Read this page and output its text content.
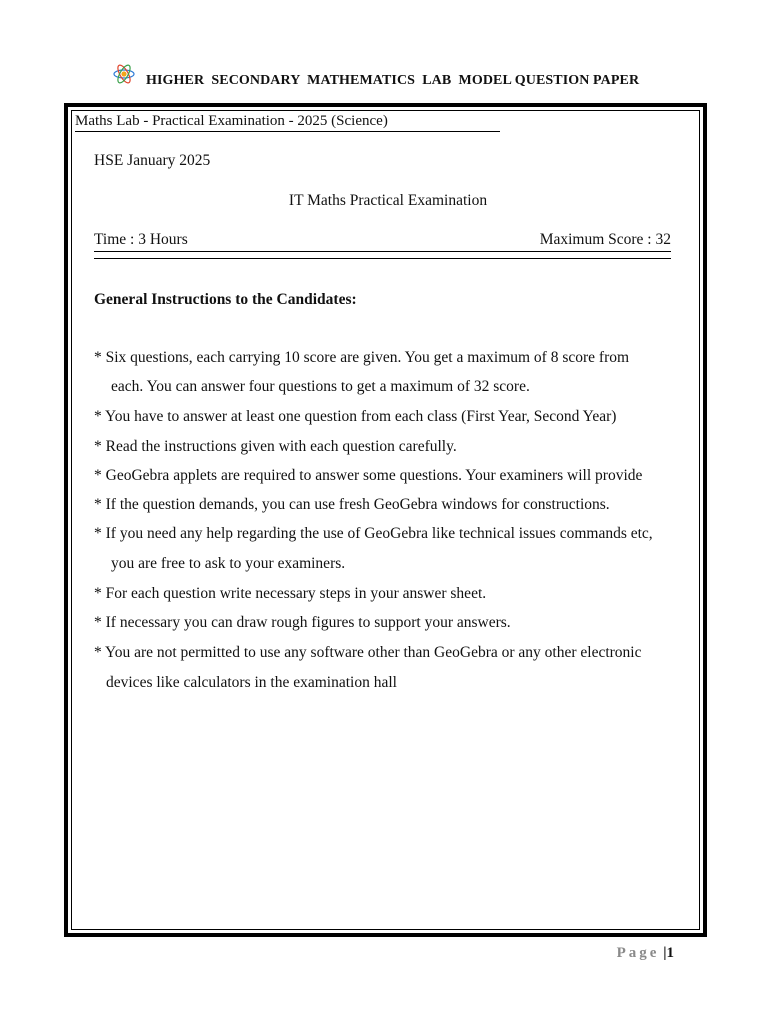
HIGHER  SECONDARY  MATHEMATICS  LAB  MODEL QUESTION PAPER
Maths Lab - Practical Examination - 2025 (Science)
HSE January 2025
IT Maths Practical Examination
Time : 3 Hours	Maximum Score : 32
General Instructions to the Candidates:
* Six questions, each carrying 10 score are given. You get a maximum of 8 score from
each. You can answer four questions to get a maximum of 32 score.
* You have to answer at least one question from each class (First Year, Second Year)
* Read the instructions given with each question carefully.
* GeoGebra applets are required to answer some questions. Your examiners will provide
* If the question demands, you can use fresh GeoGebra windows for constructions.
* If you need any help regarding the use of GeoGebra like technical issues commands etc,
you are free to ask to your examiners.
* For each question write necessary steps in your answer sheet.
* If necessary you can draw rough figures to support your answers.
* You are not permitted to use any software other than GeoGebra or any other electronic
devices like calculators in the examination hall
Page |1
